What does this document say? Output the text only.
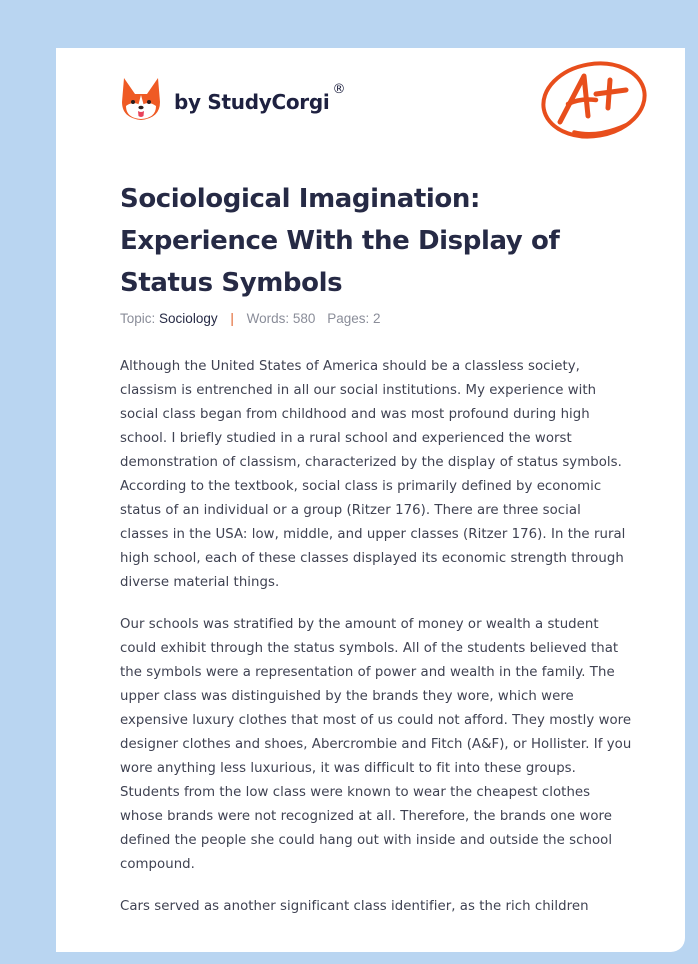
by StudyCorgi
®
Sociological Imagination: Experience With the Display of Status Symbols
Topic: Sociology | Words: 580 Pages: 2

Although the United States of America should be a classless society, classism is entrenched in all our social institutions. My experience with social class began from childhood and was most profound during high school. I briefly studied in a rural school and experienced the worst demonstration of classism, characterized by the display of status symbols. According to the textbook, social class is primarily defined by economic status of an individual or a group (Ritzer 176). There are three social classes in the USA: low, middle, and upper classes (Ritzer 176). In the rural high school, each of these classes displayed its economic strength through diverse material things.

Our schools was stratified by the amount of money or wealth a student could exhibit through the status symbols. All of the students believed that the symbols were a representation of power and wealth in the family. The upper class was distinguished by the brands they wore, which were expensive luxury clothes that most of us could not afford. They mostly wore designer clothes and shoes, Abercrombie and Fitch (A&F), or Hollister. If you wore anything less luxurious, it was difficult to fit into these groups. Students from the low class were known to wear the cheapest clothes whose brands were not recognized at all. Therefore, the brands one wore defined the people she could hang out with inside and outside the school compound.

Cars served as another significant class identifier, as the rich children
